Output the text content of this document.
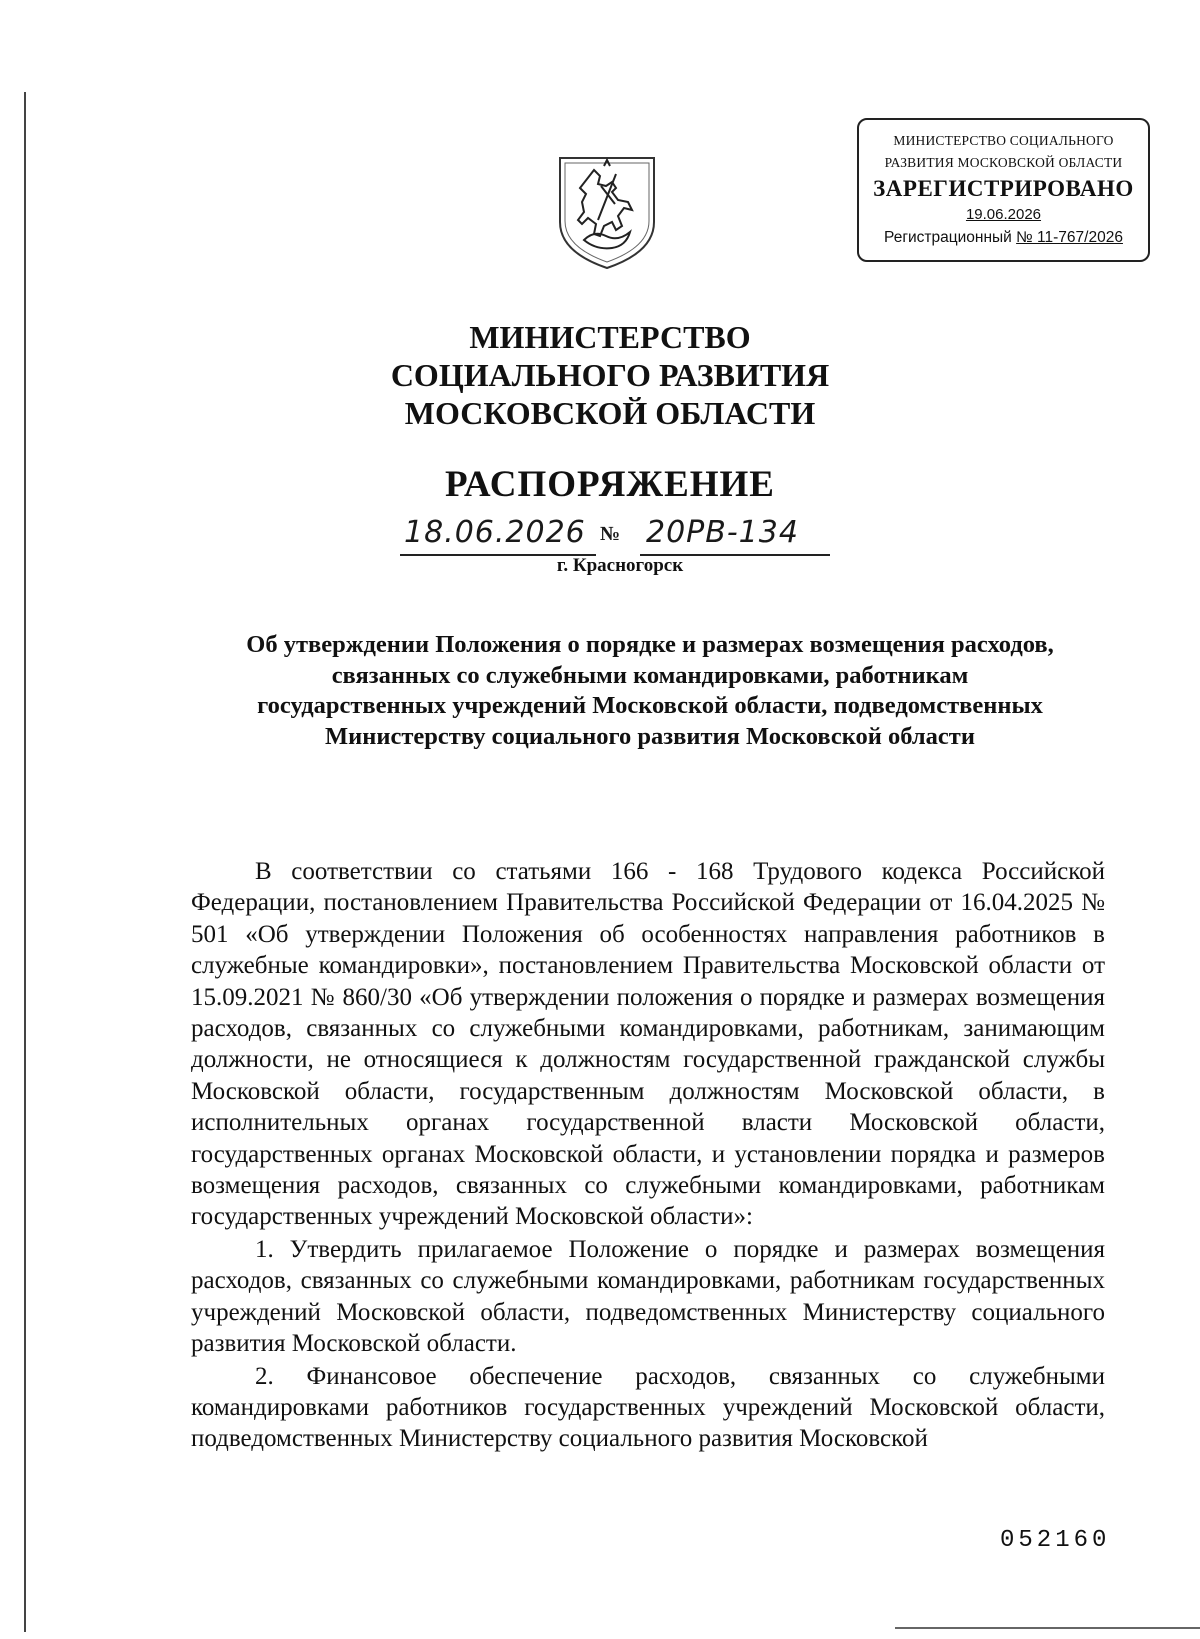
МИНИСТЕРСТВО СОЦИАЛЬНОГО
РАЗВИТИЯ МОСКОВСКОЙ ОБЛАСТИ
ЗАРЕГИСТРИРОВАНО
19.06.2026
Регистрационный № 11-767/2026
МИНИСТЕРСТВО
СОЦИАЛЬНОГО РАЗВИТИЯ
МОСКОВСКОЙ ОБЛАСТИ
РАСПОРЯЖЕНИЕ
18.06.2026 № 20РВ-134
г. Красногорск
Об утверждении Положения о порядке и размерах возмещения расходов,
связанных со служебными командировками, работникам
государственных учреждений Московской области, подведомственных
Министерству социального развития Московской области

В соответствии со статьями 166 - 168 Трудового кодекса Российской Федерации, постановлением Правительства Российской Федерации от 16.04.2025 № 501 «Об утверждении Положения об особенностях направления работников в служебные командировки», постановлением Правительства Московской области от 15.09.2021 № 860/30 «Об утверждении положения о порядке и размерах возмещения расходов, связанных со служебными командировками, работникам, занимающим должности, не относящиеся к должностям государственной гражданской службы Московской области, государственным должностям Московской области, в исполнительных органах государственной власти Московской области, государственных органах Московской области, и установлении порядка и размеров возмещения расходов, связанных со служебными командировками, работникам государственных учреждений Московской области»:

1. Утвердить прилагаемое Положение о порядке и размерах возмещения расходов, связанных со служебными командировками, работникам государственных учреждений Московской области, подведомственных Министерству социального развития Московской области.

2. Финансовое обеспечение расходов, связанных со служебными командировками работников государственных учреждений Московской области, подведомственных Министерству социального развития Московской

052160
